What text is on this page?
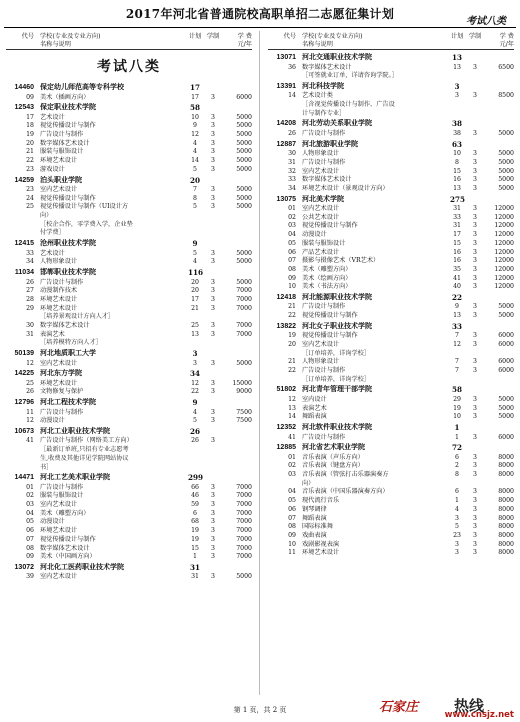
2017年河北省普通院校高职单招二志愿征集计划
考试八类
代号 学校(专业及专业方向)
名称与说明
计划 学制	学 费
元/年
考试八类
14460 保定幼儿师范高等专科学校	17
09 美术（插画方向）	17	3	6000
12543 保定职业技术学院	58
17 艺术设计	10	3	5000
18 视觉传播设计与制作	9	3	5000
19 广告设计与制作	12	3	5000
20 数字媒体艺术设计	4	3	5000
21 服装与服饰设计	4	3	5000
22 环境艺术设计	14	3	5000
23 游戏设计	5	3	5000
14259 泊头职业学院	20
23 室内艺术设计	7	3	5000
24 视觉传播设计与制作	8	3	5000
25 视觉传播设计与制作（UI设计方	5	3	5000
向）
［校企合作，零学费入学，企业垫
付学费］
12415 沧州职业技术学院	9
33 艺术设计	5	3	5000
34 人物形象设计	4	3	5000
11034 邯郸职业技术学院	116
26 广告设计与制作	20	3	5000
27 动漫制作技术	20	3	7000
28 环境艺术设计	17	3	7000
29 环境艺术设计	21	3	7000
［培养景观设计方向人才］
30 数字媒体艺术设计	25	3	7000
31 表演艺术	13	3	7000
［培养模特方向人才］
50139 河北地质职工大学	3
12 室内艺术设计	3	3	5000
14225 河北东方学院	34
25 环境艺术设计	12	3	15000
26 文物修复与保护	22	3	9000
12796 河北工程技术学院	9
11 广告设计与制作	4	3	7500
12 动漫设计	5	3	7500
10673 河北工业职业技术学院	26
41 广告设计与制作（网络美工方向）	26	3
［最新订单班,只招有专业志愿考
生,收费及其他详见学院网站协议
书］
14471 河北工艺美术职业学院	299
01 广告设计与制作	66	3	7000
02 服装与服饰设计	46	3	7000
03 室内艺术设计	59	3	7000
04 美术（雕塑方向）	6	3	7000
05 动漫设计	68	3	7000
06 环境艺术设计	19	3	7000
07 视觉传播设计与制作	19	3	7000
08 数字媒体艺术设计	15	3	7000
09 美术（中国画方向）	1	3	7000
13072 河北化工医药职业技术学院	31
39 室内艺术设计	31	3	5000
代号 学校(专业及专业方向)
名称与说明
计划 学制	学 费
元/年
13071 河北交通职业技术学院	13
36 数字媒体艺术设计	13	3	6500
［可签就业订单，详请咨询学院。］
13391 河北科技学院	3
14 艺术设计类	3	3	8500
［含视觉传播设计与制作、广告设
计与制作专业］
14208 河北劳动关系职业学院	38
26 广告设计与制作	38	3	5000
12887 河北旅游职业学院	63
30 人物形象设计	10	3	5000
31 广告设计与制作	8	3	5000
32 室内艺术设计	15	3	5000
33 数字媒体艺术设计	16	3	5000
34 环境艺术设计（景观设计方向）	13	3	5000
13075 河北美术学院	275
01 室内艺术设计	31	3	12000
02 公共艺术设计	33	3	12000
03 视觉传播设计与制作	31	3	12000
04 动漫设计	17	3	12000
05 服装与服饰设计	15	3	12000
06 产品艺术设计	16	3	12000
07 摄影与摄像艺术（VR艺术）	16	3	12000
08 美术（雕塑方向）	35	3	12000
09 美术（绘画方向）	41	3	12000
10 美术（书法方向）	40	3	12000
12418 河北能源职业技术学院	22
21 广告设计与制作	9	3	5000
22 视觉传播设计与制作	13	3	5000
13822 河北女子职业技术学院	33
19 视觉传播设计与制作	7	3	6000
20 室内艺术设计	12	3	6000
［订单培养，详询学校］
21 人物形象设计	7	3	6000
22 广告设计与制作	7	3	6000
［订单培养，详询学校］
51802 河北青年管理干部学院	58
12 室内设计	29	3	5000
13 表演艺术	19	3	5000
14 舞蹈表演	10	3	5000
12352 河北软件职业技术学院	1
41 广告设计与制作	1	3	6000
12885 河北省艺术职业学院	72
01 音乐表演（声乐方向）	6	3	8000
02 音乐表演（键盘方向）	2	3	8000
03 音乐表演（管弦打击乐器演奏方	8	3	8000
向）
04 音乐表演（中国乐器演奏方向）	6	3	8000
05 现代流行音乐	1	3	8000
06 钢琴调律	4	3	8000
07 舞蹈表演	3	3	8000
08 国际标准舞	5	3	8000
09 戏曲表演	23	3	8000
10 戏剧影视表演	3	3	8000
11 环境艺术设计	3	3	8000
第 1 页，共 2 页	石家庄 热线
www.cnsjz.net
